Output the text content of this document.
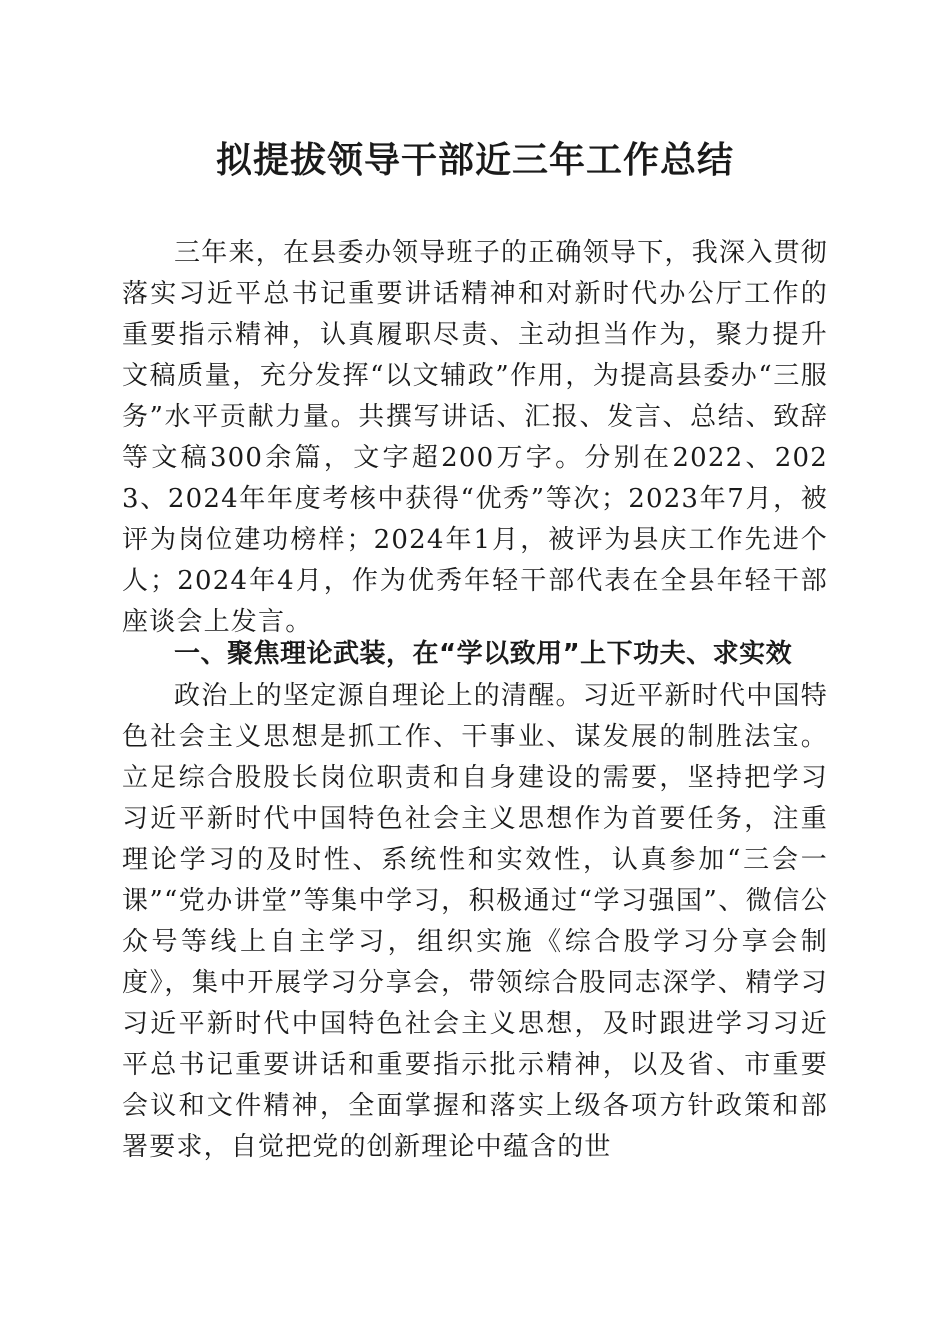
拟提拔领导干部近三年工作总结

三年来，在县委办领导班子的正确领导下，我深入贯彻落实习近平总书记重要讲话精神和对新时代办公厅工作的重要指示精神，认真履职尽责、主动担当作为，聚力提升文稿质量，充分发挥“以文辅政”作用，为提高县委办“三服务”水平贡献力量。共撰写讲话、汇报、发言、总结、致辞等文稿300余篇，文字超200万字。分别在2022、2023、2024年年度考核中获得“优秀”等次；2023年7月，被评为岗位建功榜样；2024年1月，被评为县庆工作先进个人；2024年4月，作为优秀年轻干部代表在全县年轻干部座谈会上发言。

一、聚焦理论武装，在“学以致用”上下功夫、求实效

政治上的坚定源自理论上的清醒。习近平新时代中国特色社会主义思想是抓工作、干事业、谋发展的制胜法宝。立足综合股股长岗位职责和自身建设的需要，坚持把学习习近平新时代中国特色社会主义思想作为首要任务，注重理论学习的及时性、系统性和实效性，认真参加“三会一课”“党办讲堂”等集中学习，积极通过“学习强国”、微信公众号等线上自主学习，组织实施《综合股学习分享会制度》，集中开展学习分享会，带领综合股同志深学、精学习习近平新时代中国特色社会主义思想，及时跟进学习习近平总书记重要讲话和重要指示批示精神，以及省、市重要会议和文件精神，全面掌握和落实上级各项方针政策和部署要求，自觉把党的创新理论中蕴含的世
